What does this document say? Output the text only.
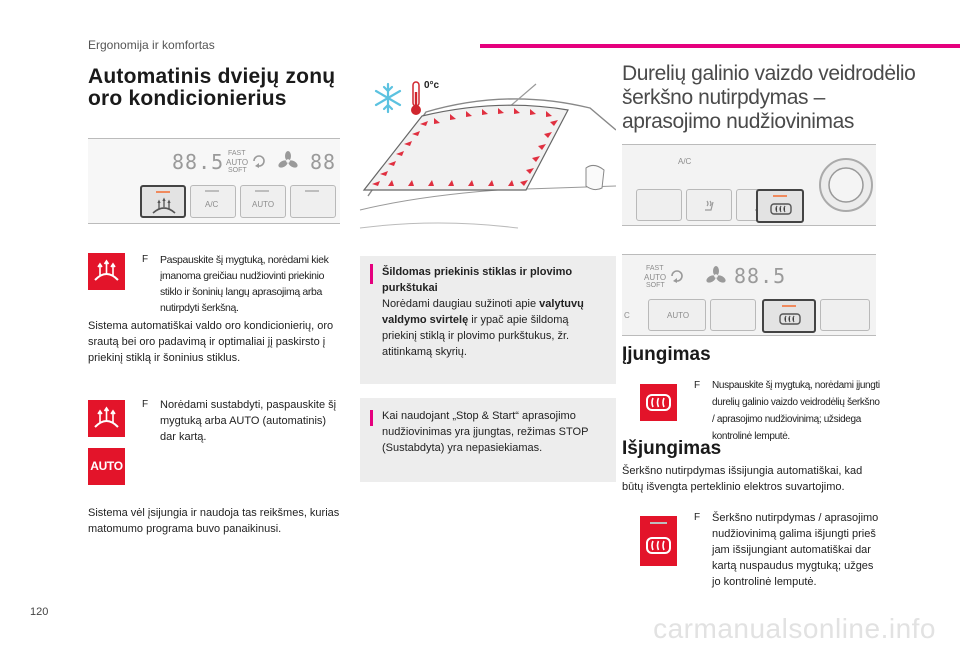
Ergonomija ir komfortas
Automatinis dviejų zonų oro kondicionierius
88.5 FAST
AUTO
SOFT	88
A/C	AUTO
F	Paspauskite šį mygtuką, norėdami kiek įmanoma greičiau nudžiovinti priekinio stiklo ir šoninių langų aprasojimą arba nutirpdyti šerkšną.
Sistema automatiškai valdo oro kondicionierių, oro srautą bei oro padavimą ir optimaliai jį paskirsto į priekinį stiklą ir šoninius stiklus.
AUTO
F	Norėdami sustabdyti, paspauskite šį mygtuką arba AUTO (automatinis) dar kartą.
Sistema vėl įsijungia ir naudoja tas reikšmes, kurias matomumo programa buvo panaikinusi.
0°c
Šildomas priekinis stiklas ir plovimo purkštukai
Norėdami daugiau sužinoti apie valytuvų valdymo svirtelę ir ypač apie šildomą priekinį stiklą ir plovimo purkštukus, žr. atitinkamą skyrių.
Kai naudojant „Stop & Start“ aprasojimo nudžiovinimas yra įjungtas, režimas STOP (Sustabdyta) yra nepasiekiamas.
Durelių galinio vaizdo veidrodėlio šerkšno nutirpdymas – aprasojimo nudžiovinimas
A/C
FAST
AUTO
SOFT	88.5
C	AUTO
Įjungimas
F	Nuspauskite šį mygtuką, norėdami įjungti durelių galinio vaizdo veidrodėlių šerkšno / aprasojimo nudžiovinimą; užsidega kontrolinė lemputė.
Išjungimas
Šerkšno nutirpdymas išsijungia automatiškai, kad būtų išvengta perteklinio elektros suvartojimo.
F	Šerkšno nutirpdymas / aprasojimo nudžiovinimą galima išjungti prieš jam išsijungiant automatiškai dar kartą nuspaudus mygtuką; užges jo kontrolinė lemputė.
120
carmanualsonline.info
